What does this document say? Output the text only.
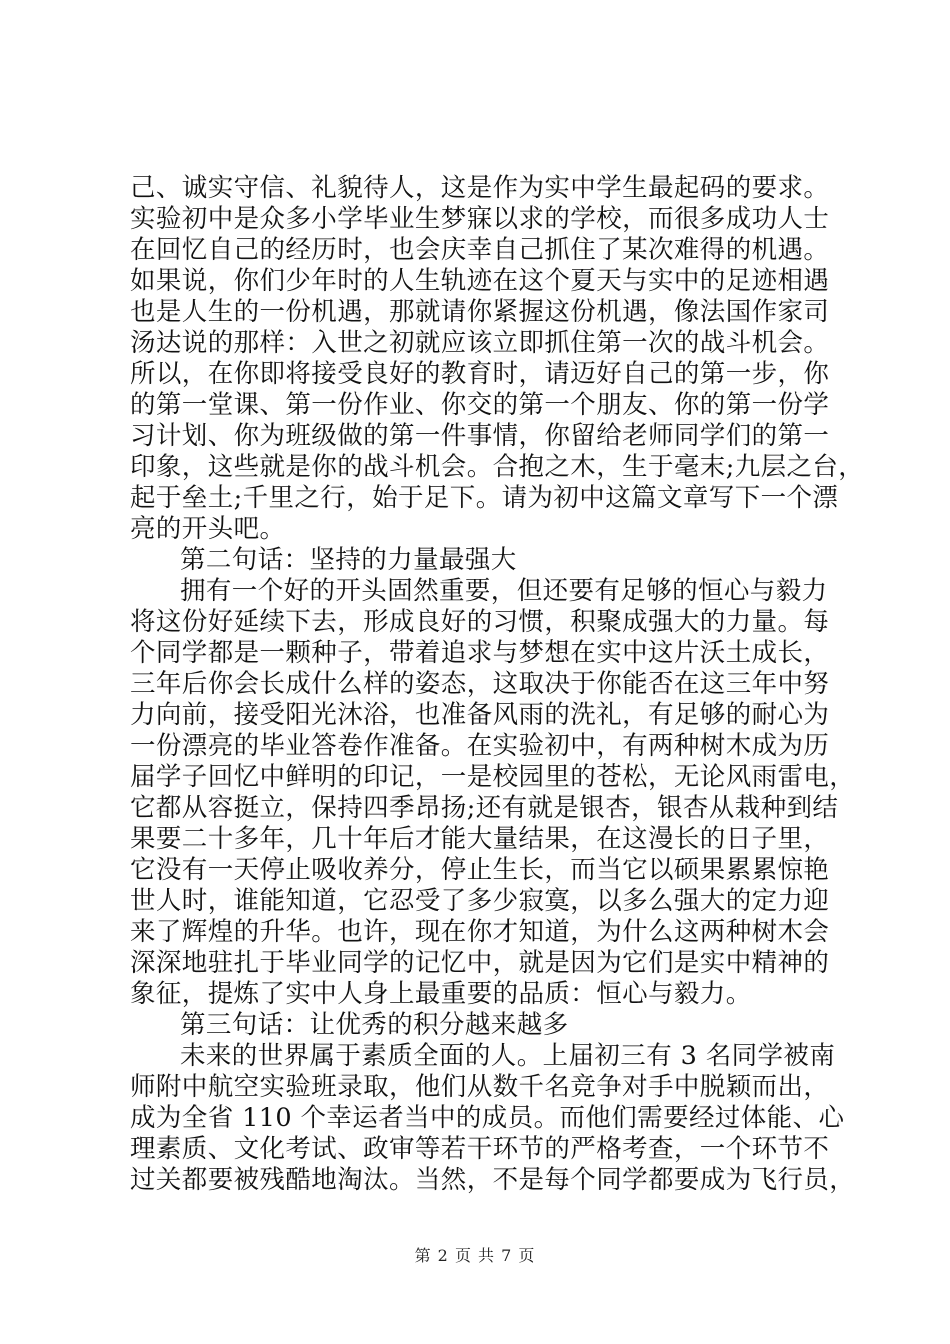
己、诚实守信、礼貌待人，这是作为实中学生最起码的要求。
实验初中是众多小学毕业生梦寐以求的学校，而很多成功人士
在回忆自己的经历时，也会庆幸自己抓住了某次难得的机遇。
如果说，你们少年时的人生轨迹在这个夏天与实中的足迹相遇
也是人生的一份机遇，那就请你紧握这份机遇，像法国作家司
汤达说的那样：入世之初就应该立即抓住第一次的战斗机会。
所以，在你即将接受良好的教育时，请迈好自己的第一步，你
的第一堂课、第一份作业、你交的第一个朋友、你的第一份学
习计划、你为班级做的第一件事情，你留给老师同学们的第一
印象，这些就是你的战斗机会。合抱之木，生于毫末;九层之台，
起于垒土;千里之行，始于足下。请为初中这篇文章写下一个漂
亮的开头吧。
第二句话：坚持的力量最强大
拥有一个好的开头固然重要，但还要有足够的恒心与毅力
将这份好延续下去，形成良好的习惯，积聚成强大的力量。每
个同学都是一颗种子，带着追求与梦想在实中这片沃土成长，
三年后你会长成什么样的姿态，这取决于你能否在这三年中努
力向前，接受阳光沐浴，也准备风雨的洗礼，有足够的耐心为
一份漂亮的毕业答卷作准备。在实验初中，有两种树木成为历
届学子回忆中鲜明的印记，一是校园里的苍松，无论风雨雷电，
它都从容挺立，保持四季昂扬;还有就是银杏，银杏从栽种到结
果要二十多年，几十年后才能大量结果，在这漫长的日子里，
它没有一天停止吸收养分，停止生长，而当它以硕果累累惊艳
世人时，谁能知道，它忍受了多少寂寞，以多么强大的定力迎
来了辉煌的升华。也许，现在你才知道，为什么这两种树木会
深深地驻扎于毕业同学的记忆中，就是因为它们是实中精神的
象征，提炼了实中人身上最重要的品质：恒心与毅力。
第三句话：让优秀的积分越来越多
未来的世界属于素质全面的人。上届初三有 3 名同学被南
师附中航空实验班录取，他们从数千名竞争对手中脱颖而出，
成为全省 110 个幸运者当中的成员。而他们需要经过体能、心
理素质、文化考试、政审等若干环节的严格考查，一个环节不
过关都要被残酷地淘汰。当然，不是每个同学都要成为飞行员，
第 2 页 共 7 页
